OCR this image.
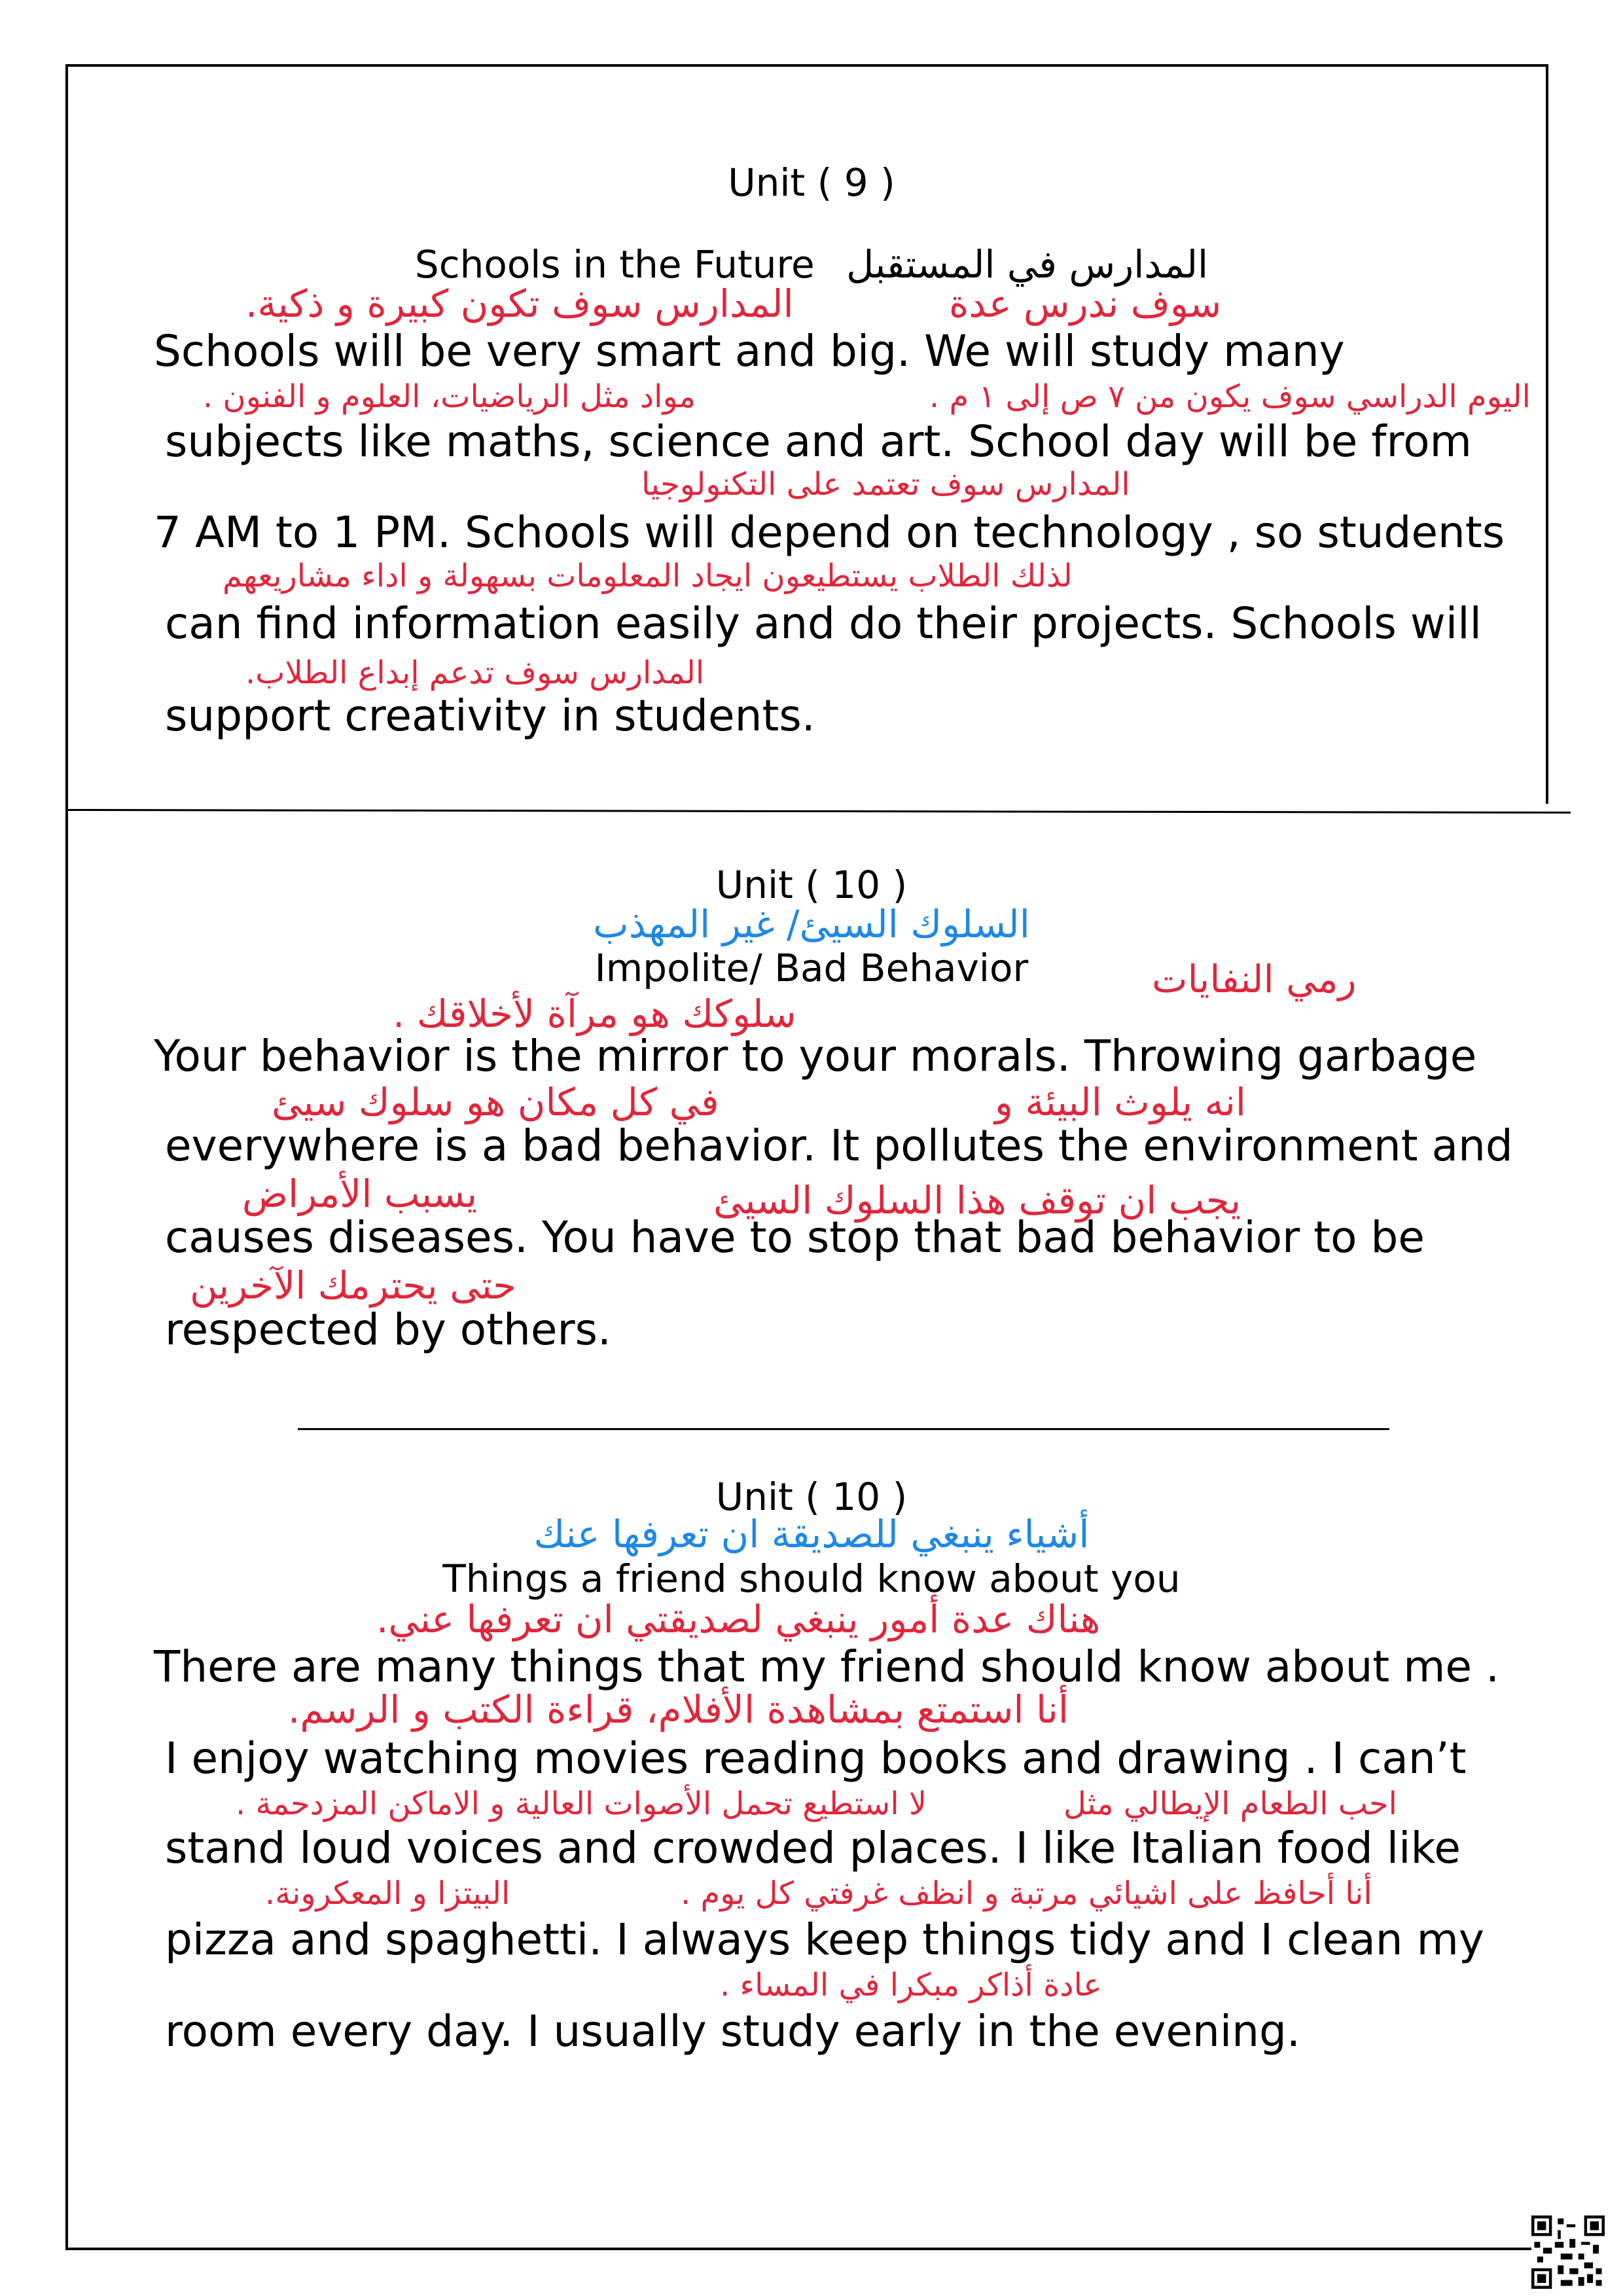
Unit ( 9 )
Schools in the Future المدارس في المستقبل
المدارس سوف تكون كبيرة و ذكية.	سوف ندرس عدة
Schools will be very smart and big. We will study many
مواد مثل الرياضيات، العلوم و الفنون .	اليوم الدراسي سوف يكون من ٧ ص إلى ١ م .
subjects like maths, science and art. School day will be from
المدارس سوف تعتمد على التكنولوجيا
7 AM to 1 PM. Schools will depend on technology , so students
لذلك الطلاب يستطيعون ايجاد المعلومات بسهولة و اداء مشاريعهم
can find information easily and do their projects. Schools will
المدارس سوف تدعم إبداع الطلاب.
support creativity in students.
Unit ( 10 )
السلوك السيئ/ غير المهذب
Impolite/ Bad Behavior	رمي النفايات
سلوكك هو مرآة لأخلاقك .
Your behavior is the mirror to your morals. Throwing garbage
في كل مكان هو سلوك سيئ	انه يلوث البيئة و
everywhere is a bad behavior. It pollutes the environment and
يسبب الأمراض	يجب ان توقف هذا السلوك السيئ
causes diseases. You have to stop that bad behavior to be
حتى يحترمك الآخرين
respected by others.
Unit ( 10 )
أشياء ينبغي للصديقة ان تعرفها عنك
Things a friend should know about you
هناك عدة أمور ينبغي لصديقتي ان تعرفها عني.
There are many things that my friend should know about me .
أنا استمتع بمشاهدة الأفلام، قراءة الكتب و الرسم.
I enjoy watching movies reading books and drawing . I can’t
لا استطيع تحمل الأصوات العالية و الاماكن المزدحمة .	احب الطعام الإيطالي مثل
stand loud voices and crowded places. I like Italian food like
البيتزا و المعكرونة.	أنا أحافظ على اشيائي مرتبة و انظف غرفتي كل يوم .
pizza and spaghetti. I always keep things tidy and I clean my
عادة أذاكر مبكرا في المساء .
room every day. I usually study early in the evening.
